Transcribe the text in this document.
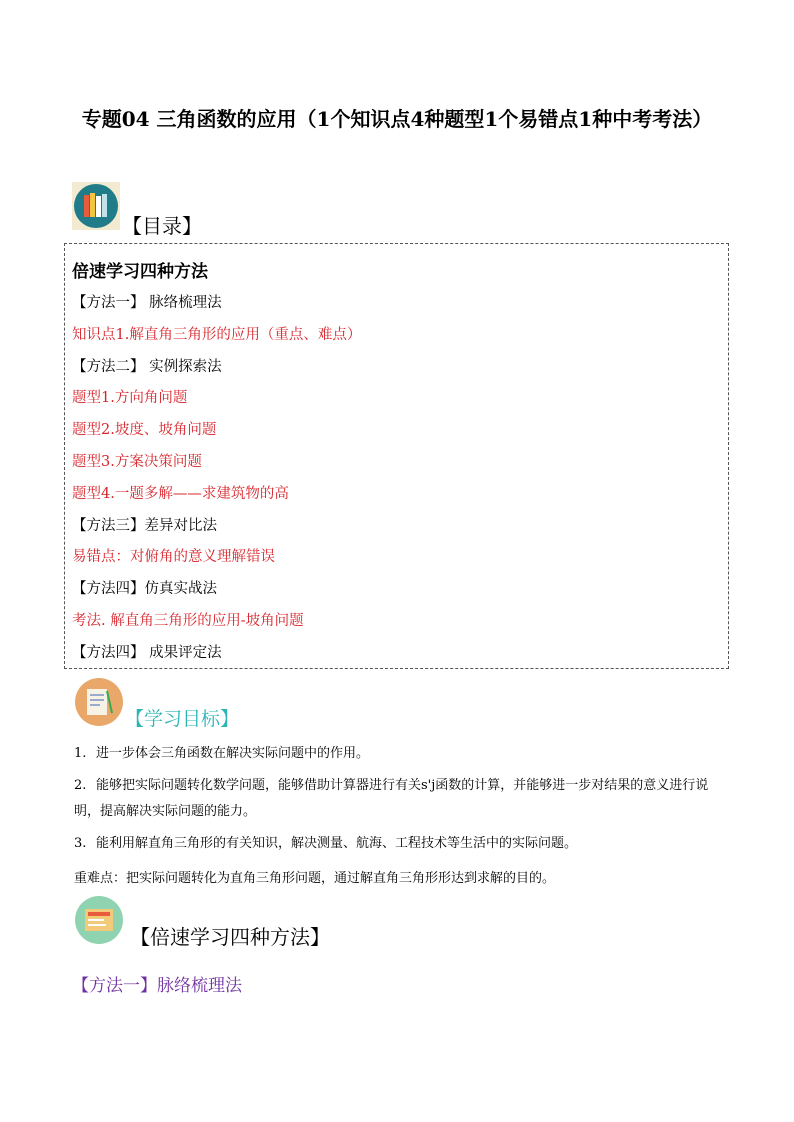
专题04 三角函数的应用（1个知识点4种题型1个易错点1种中考考法）
【目录】
倍速学习四种方法
【方法一】 脉络梳理法
知识点1.解直角三角形的应用（重点、难点）
【方法二】 实例探索法
题型1.方向角问题
题型2.坡度、坡角问题
题型3.方案决策问题
题型4.一题多解——求建筑物的高
【方法三】差异对比法
易错点：对俯角的意义理解错误
【方法四】仿真实战法
考法. 解直角三角形的应用-坡角问题
【方法四】 成果评定法
【学习目标】
1. 进一步体会三角函数在解决实际问题中的作用。
2. 能够把实际问题转化数学问题，能够借助计算器进行有关s'j函数的计算，并能够进一步对结果的意义进行说明，提高解决实际问题的能力。
3. 能利用解直角三角形的有关知识，解决测量、航海、工程技术等生活中的实际问题。
重难点：把实际问题转化为直角三角形问题，通过解直角三角形形达到求解的目的。
【倍速学习四种方法】
【方法一】脉络梳理法
